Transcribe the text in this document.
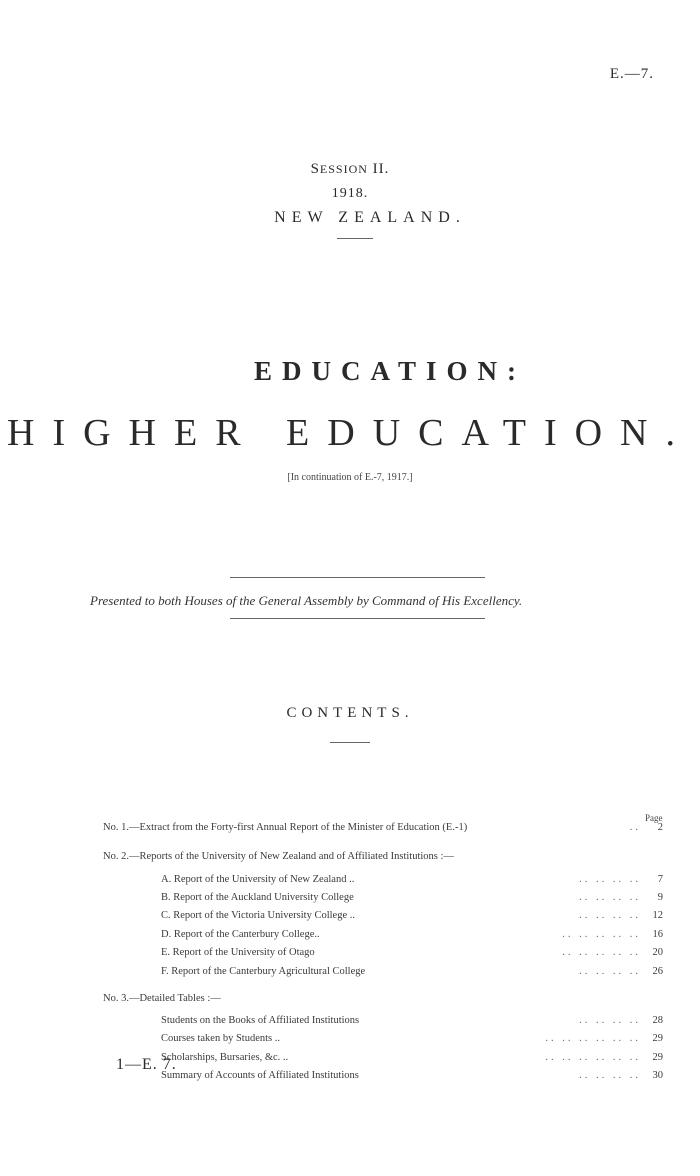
E.—7.
SESSION II.
1918.
NEW ZEALAND.
EDUCATION:
HIGHER EDUCATION.
[In continuation of E.-7, 1917.]
Presented to both Houses of the General Assembly by Command of His Excellency.
CONTENTS.
Page
No. 1.—Extract from the Forty-first Annual Report of the Minister of Education (E.-1)	..	2
No. 2.—Reports of the University of New Zealand and of Affiliated Institutions :—
A. Report of the University of New Zealand ..	.. .. .. ..	7
B. Report of the Auckland University College	.. .. .. ..	9
C. Report of the Victoria University College ..	.. .. .. ..	12
D. Report of the Canterbury College..	.. .. .. .. ..	16
E. Report of the University of Otago	.. .. .. .. ..	20
F. Report of the Canterbury Agricultural College	.. .. .. ..	26
No. 3.—Detailed Tables :—
Students on the Books of Affiliated Institutions	.. .. .. ..	28
Courses taken by Students ..	.. .. .. .. .. ..	29
Scholarships, Bursaries, &c. ..	.. .. .. .. .. ..	29
Summary of Accounts of Affiliated Institutions	.. .. .. ..	30
1—E. 7.
